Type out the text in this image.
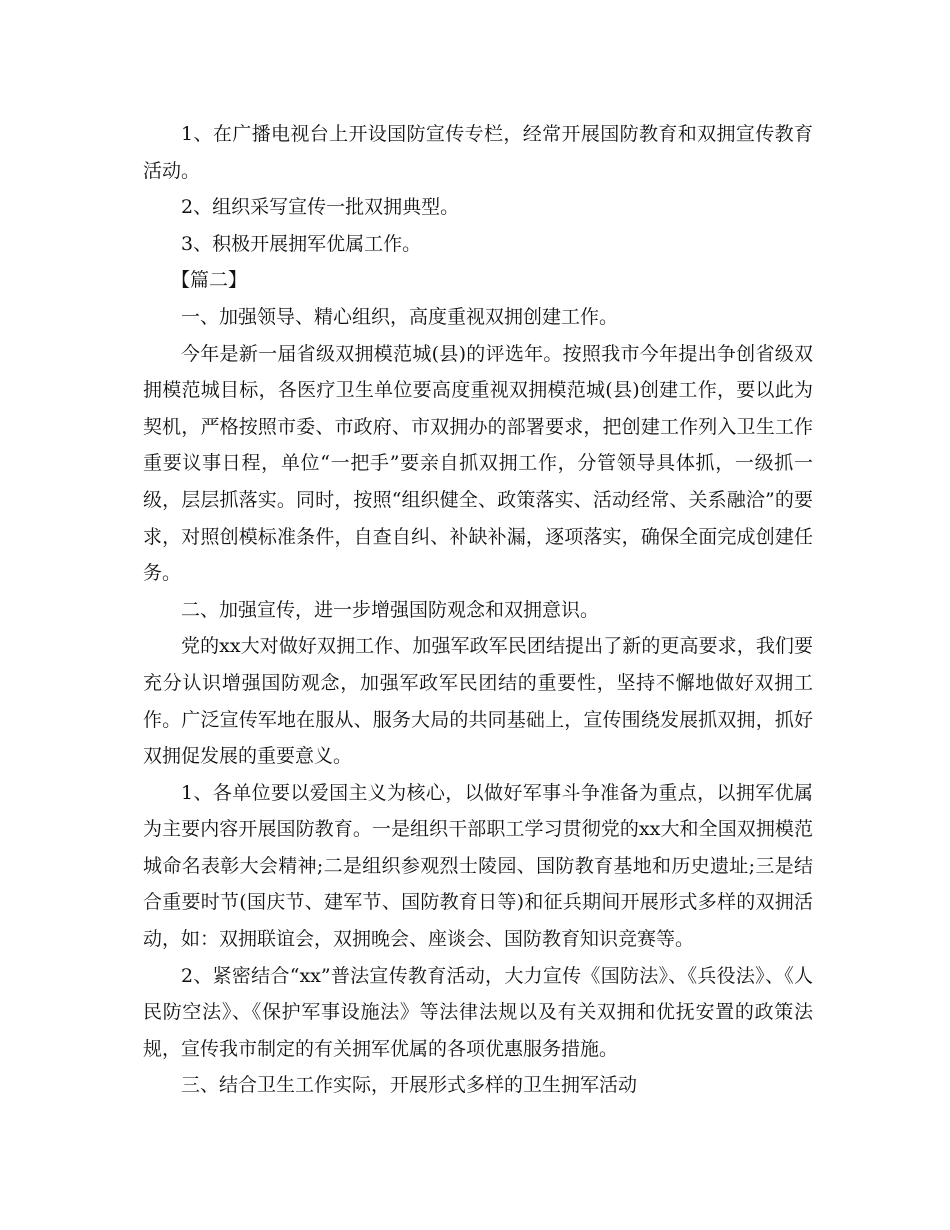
1、在广播电视台上开设国防宣传专栏，经常开展国防教育和双拥宣传教育活动。

2、组织采写宣传一批双拥典型。

3、积极开展拥军优属工作。

【篇二】

一、加强领导、精心组织，高度重视双拥创建工作。

今年是新一届省级双拥模范城(县)的评选年。按照我市今年提出争创省级双拥模范城目标，各医疗卫生单位要高度重视双拥模范城(县)创建工作，要以此为契机，严格按照市委、市政府、市双拥办的部署要求，把创建工作列入卫生工作重要议事日程，单位“一把手”要亲自抓双拥工作，分管领导具体抓，一级抓一级，层层抓落实。同时，按照“组织健全、政策落实、活动经常、关系融洽”的要求，对照创模标准条件，自查自纠、补缺补漏，逐项落实，确保全面完成创建任务。

二、加强宣传，进一步增强国防观念和双拥意识。

党的xx大对做好双拥工作、加强军政军民团结提出了新的更高要求，我们要充分认识增强国防观念，加强军政军民团结的重要性，坚持不懈地做好双拥工作。广泛宣传军地在服从、服务大局的共同基础上，宣传围绕发展抓双拥，抓好双拥促发展的重要意义。

1、各单位要以爱国主义为核心，以做好军事斗争准备为重点，以拥军优属为主要内容开展国防教育。一是组织干部职工学习贯彻党的xx大和全国双拥模范城命名表彰大会精神;二是组织参观烈士陵园、国防教育基地和历史遗址;三是结合重要时节(国庆节、建军节、国防教育日等)和征兵期间开展形式多样的双拥活动，如：双拥联谊会，双拥晚会、座谈会、国防教育知识竞赛等。

2、紧密结合“xx”普法宣传教育活动，大力宣传《国防法》、《兵役法》、《人民防空法》、《保护军事设施法》等法律法规以及有关双拥和优抚安置的政策法规，宣传我市制定的有关拥军优属的各项优惠服务措施。

三、结合卫生工作实际，开展形式多样的卫生拥军活动
